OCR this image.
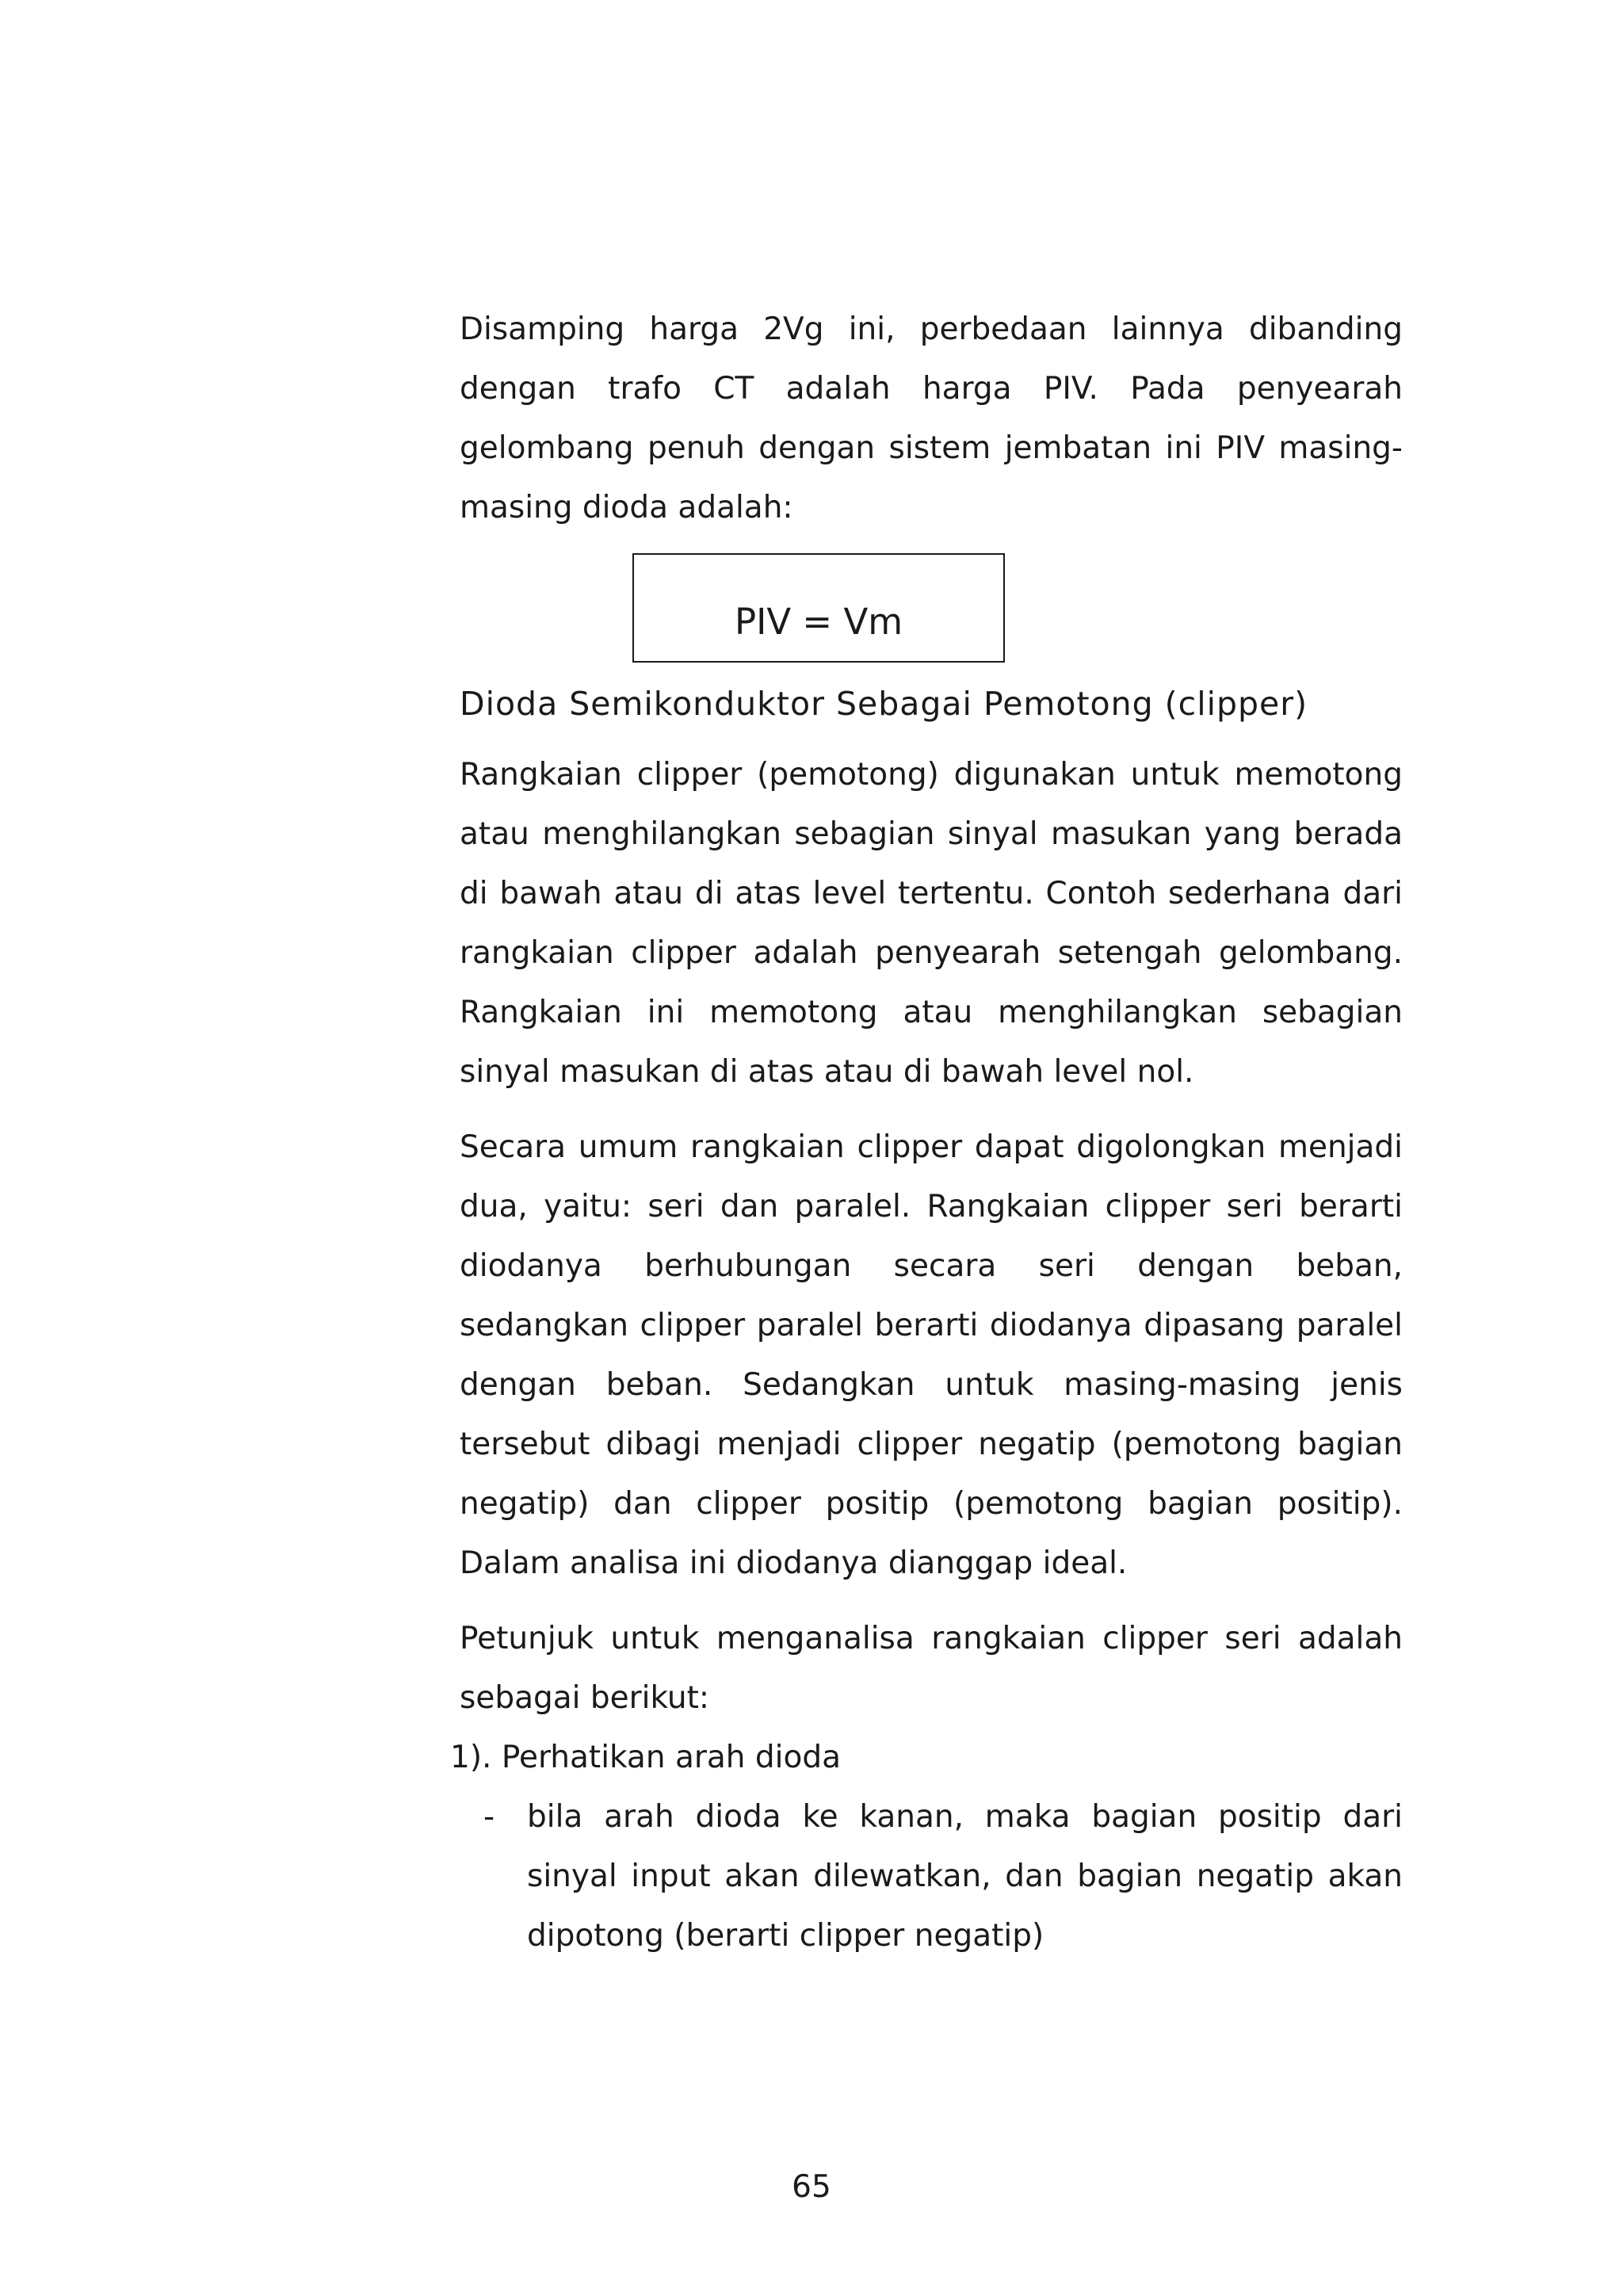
Disamping harga 2Vg ini, perbedaan lainnya dibanding dengan trafo CT adalah harga PIV. Pada penyearah gelombang penuh dengan sistem jembatan ini PIV masing-masing dioda adalah:

PIV = Vm

Dioda Semikonduktor Sebagai Pemotong (clipper)

Rangkaian clipper (pemotong) digunakan untuk memotong atau menghilangkan sebagian sinyal masukan yang berada di bawah atau di atas level tertentu. Contoh sederhana dari rangkaian clipper adalah penyearah setengah gelombang. Rangkaian ini memotong atau menghilangkan sebagian sinyal masukan di atas atau di bawah level nol.

Secara umum rangkaian clipper dapat digolongkan menjadi dua, yaitu: seri dan paralel. Rangkaian clipper seri berarti diodanya berhubungan secara seri dengan beban, sedangkan clipper paralel berarti diodanya dipasang paralel dengan beban. Sedangkan untuk masing-masing jenis tersebut dibagi menjadi clipper negatip (pemotong bagian negatip) dan clipper positip (pemotong bagian positip). Dalam analisa ini diodanya dianggap ideal.

Petunjuk untuk menganalisa rangkaian clipper seri adalah sebagai berikut:

1). Perhatikan arah dioda
- bila arah dioda ke kanan, maka bagian positip dari sinyal input akan dilewatkan, dan bagian negatip akan dipotong (berarti clipper negatip)
65
